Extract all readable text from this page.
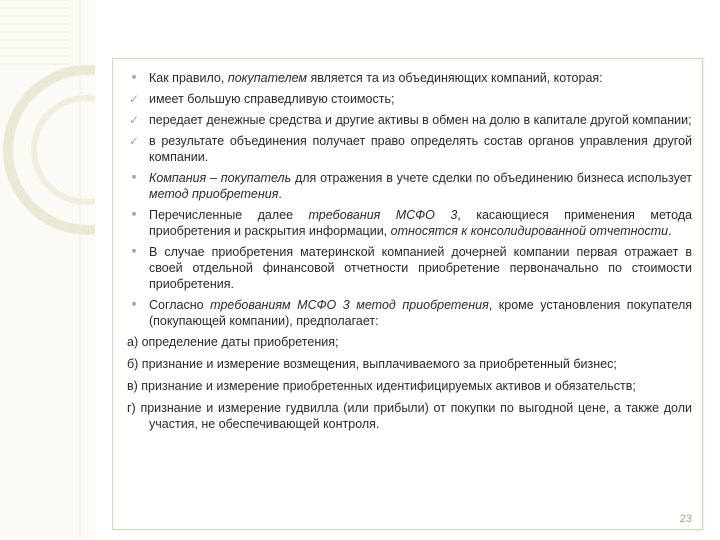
■	Как правило, покупателем является та из объединяющих компаний, которая:
✓ имеет большую справедливую стоимость;
✓ передает денежные средства и другие активы в обмен на долю в капитале другой компании;
✓ в результате объединения получает право определять состав органов управления другой компании.
■	Компания – покупатель для отражения в учете сделки по объединению бизнеса использует метод приобретения.
■	Перечисленные далее требования МСФО 3, касающиеся применения метода приобретения и раскрытия информации, относятся к консолидированной отчетности.
■	В случае приобретения материнской компанией дочерней компании первая отражает в своей отдельной финансовой отчетности приобретение первоначально по стоимости приобретения.
■	Согласно требованиям МСФО 3 метод приобретения, кроме установления покупателя (покупающей компании), предполагает:
а) определение даты приобретения;
б) признание и измерение возмещения, выплачиваемого за приобретенный бизнес;
в) признание и измерение приобретенных идентифицируемых активов и обязательств;
г) признание и измерение гудвилла (или прибыли) от покупки по выгодной цене, а также доли участия, не обеспечивающей контроля.
23
